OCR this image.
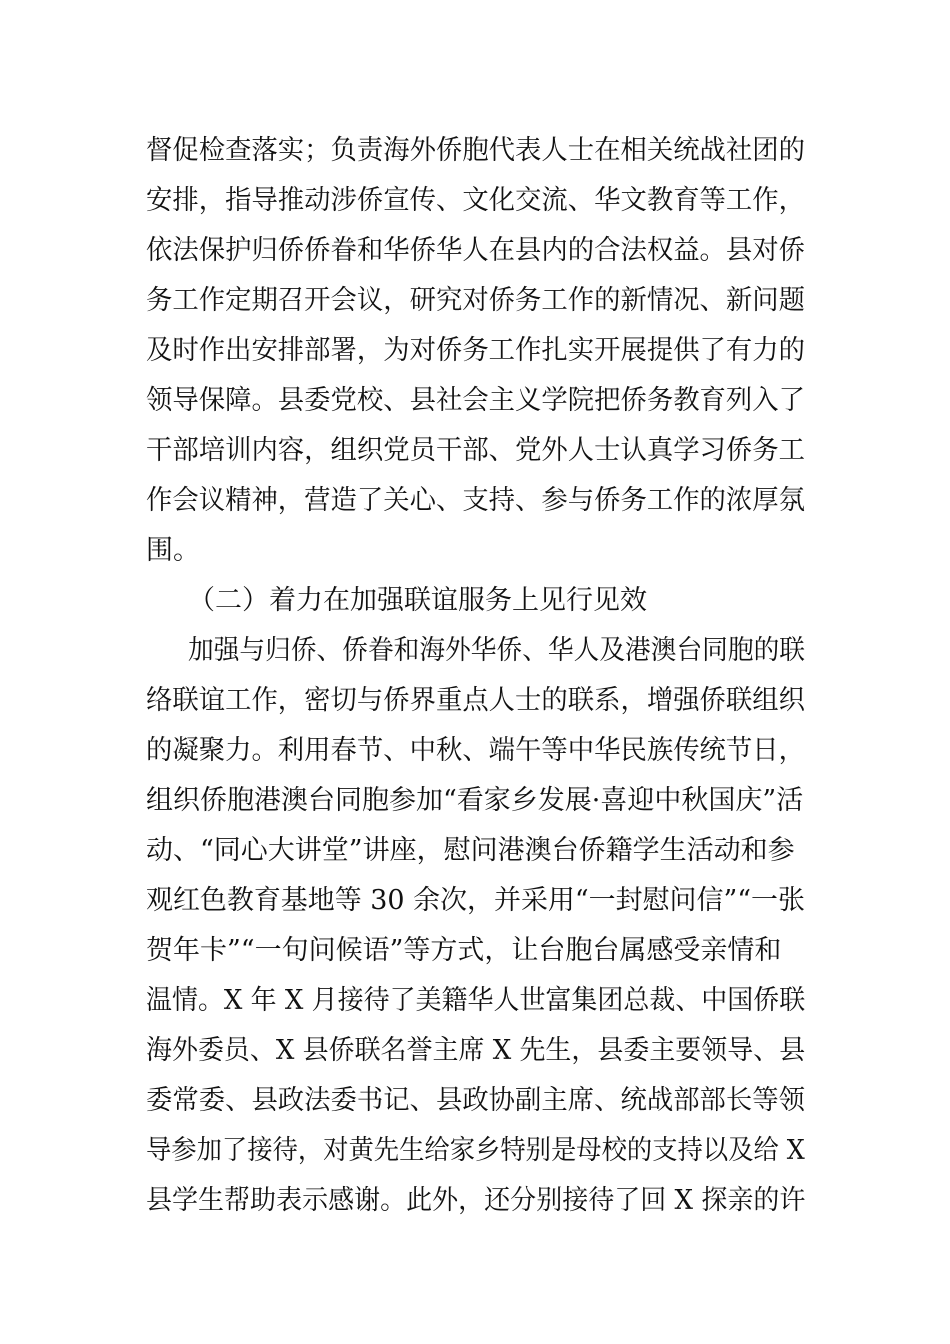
督促检查落实；负责海外侨胞代表人士在相关统战社团的
安排，指导推动涉侨宣传、文化交流、华文教育等工作，
依法保护归侨侨眷和华侨华人在县内的合法权益。县对侨
务工作定期召开会议，研究对侨务工作的新情况、新问题
及时作出安排部署，为对侨务工作扎实开展提供了有力的
领导保障。县委党校、县社会主义学院把侨务教育列入了
干部培训内容，组织党员干部、党外人士认真学习侨务工
作会议精神，营造了关心、支持、参与侨务工作的浓厚氛
围。
（二）着力在加强联谊服务上见行见效
加强与归侨、侨眷和海外华侨、华人及港澳台同胞的联
络联谊工作，密切与侨界重点人士的联系，增强侨联组织
的凝聚力。利用春节、中秋、端午等中华民族传统节日，
组织侨胞港澳台同胞参加“看家乡发展·喜迎中秋国庆”活
动、“同心大讲堂”讲座，慰问港澳台侨籍学生活动和参
观红色教育基地等 30 余次，并采用“一封慰问信”“一张
贺年卡”“一句问候语”等方式，让台胞台属感受亲情和
温情。X 年 X 月接待了美籍华人世富集团总裁、中国侨联
海外委员、X 县侨联名誉主席 X 先生，县委主要领导、县
委常委、县政法委书记、县政协副主席、统战部部长等领
导参加了接待，对黄先生给家乡特别是母校的支持以及给 X
县学生帮助表示感谢。此外，还分别接待了回 X 探亲的许
